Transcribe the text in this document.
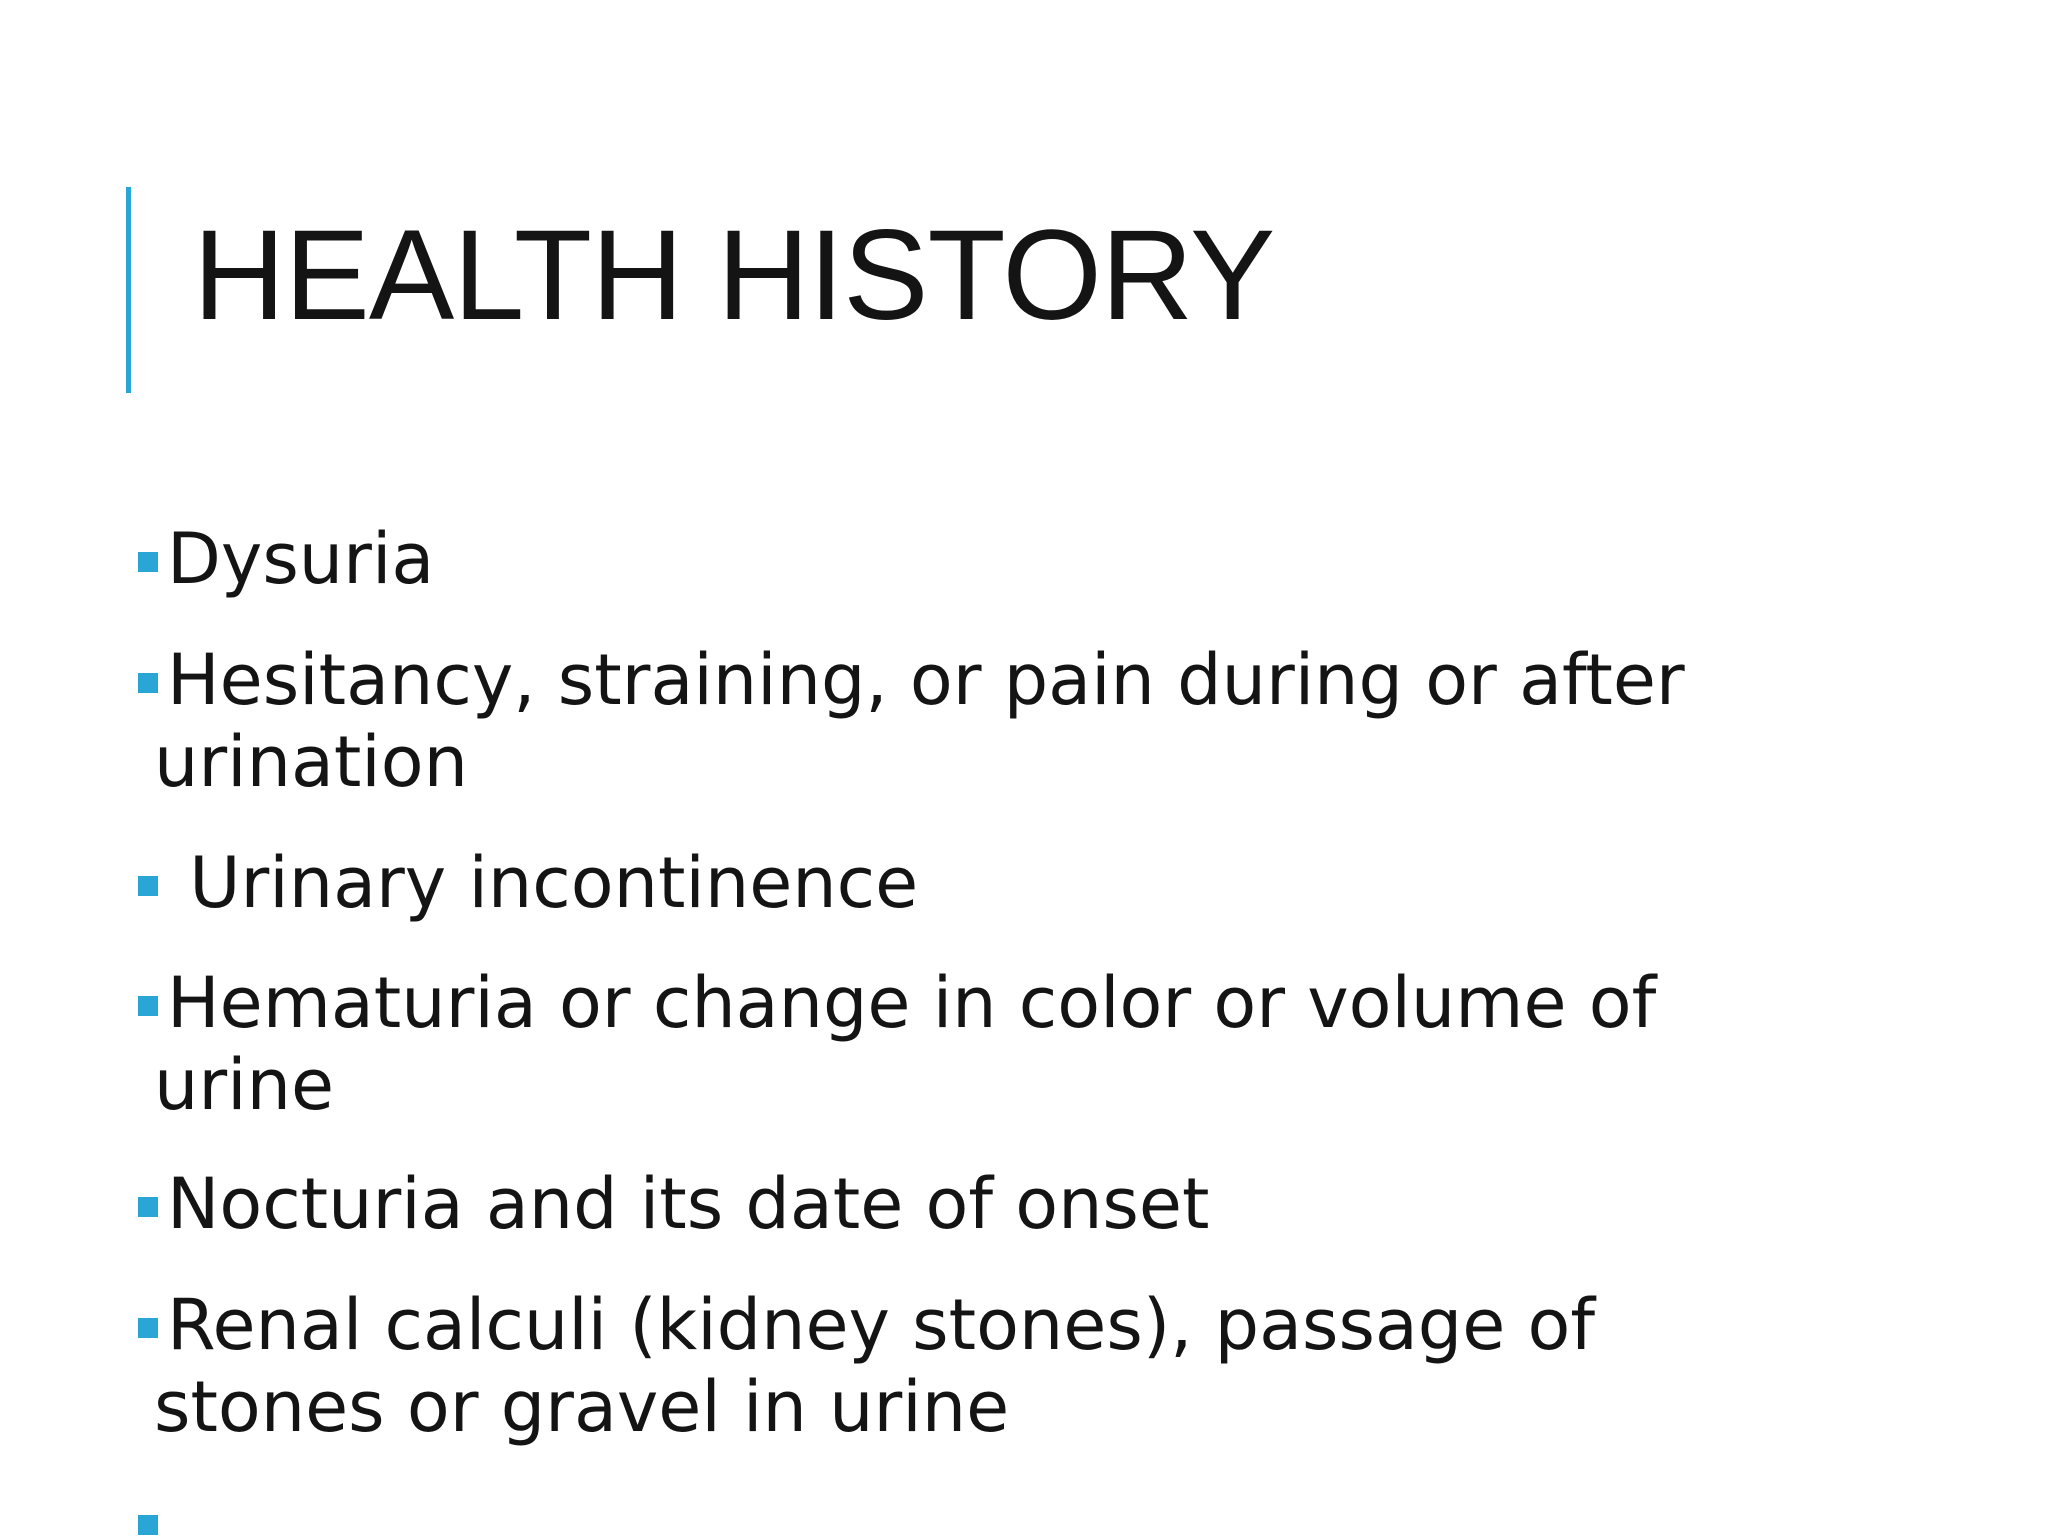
HEALTH HISTORY
Dysuria
Hesitancy, straining, or pain during or after urination
Urinary incontinence
Hematuria or change in color or volume of urine
Nocturia and its date of onset
Renal calculi (kidney stones), passage of stones or gravel in urine
